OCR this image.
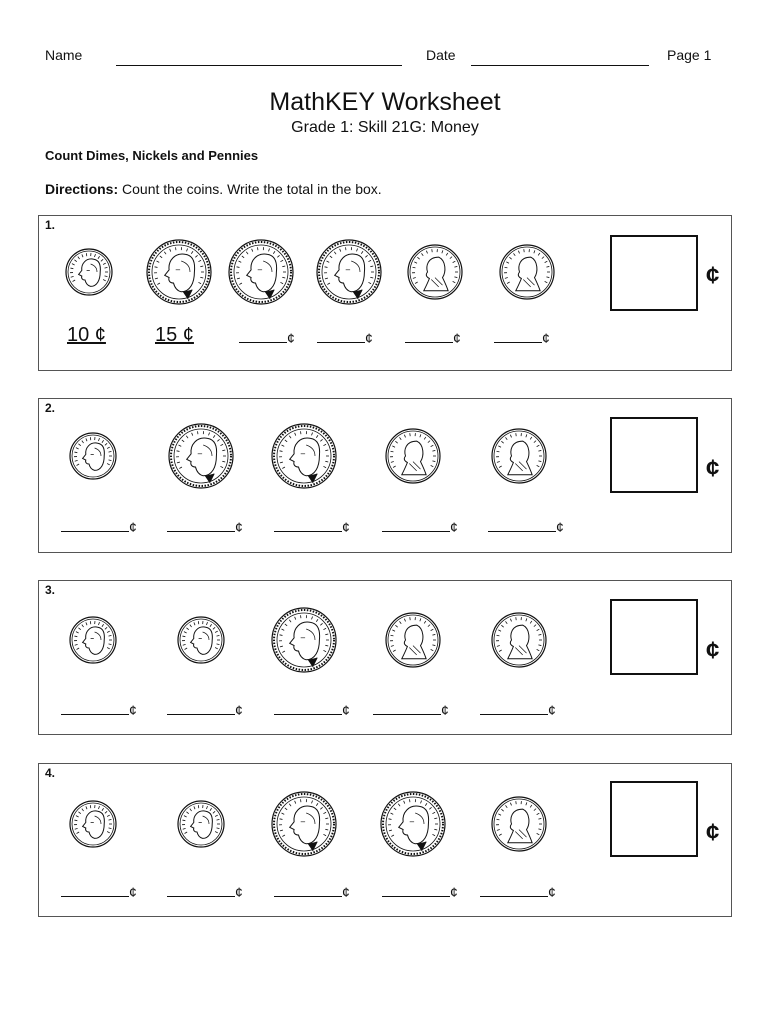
Name	Date	Page 1
MathKEY Worksheet
Grade 1: Skill 21G: Money
Count Dimes, Nickels and Pennies
Directions: Count the coins. Write the total in the box.
1.
10 ¢ 15 ¢	¢	¢	¢	¢
¢
2.
¢	¢	¢	¢	¢
¢
3.
¢	¢	¢	¢	¢
¢
4.
¢	¢	¢	¢	¢
¢
